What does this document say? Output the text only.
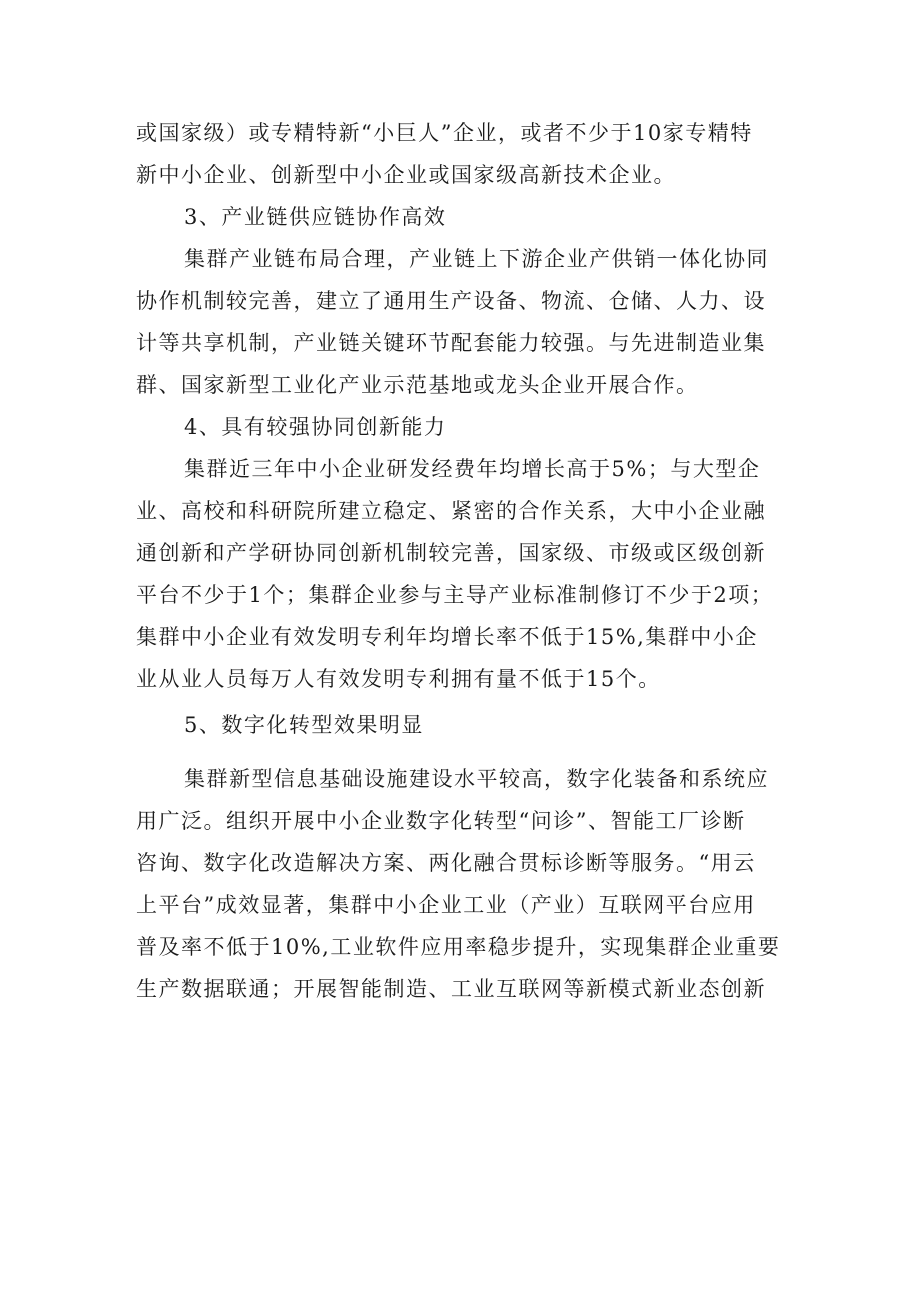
或国家级）或专精特新“小巨人”企业，或者不少于10家专精特
新中小企业、创新型中小企业或国家级高新技术企业。
3、产业链供应链协作高效
集群产业链布局合理，产业链上下游企业产供销一体化协同
协作机制较完善，建立了通用生产设备、物流、仓储、人力、设
计等共享机制，产业链关键环节配套能力较强。与先进制造业集
群、国家新型工业化产业示范基地或龙头企业开展合作。
4、具有较强协同创新能力
集群近三年中小企业研发经费年均增长高于5%；与大型企
业、高校和科研院所建立稳定、紧密的合作关系，大中小企业融
通创新和产学研协同创新机制较完善，国家级、市级或区级创新
平台不少于1个；集群企业参与主导产业标准制修订不少于2项；
集群中小企业有效发明专利年均增长率不低于15%,集群中小企
业从业人员每万人有效发明专利拥有量不低于15个。
5、数字化转型效果明显
集群新型信息基础设施建设水平较高，数字化装备和系统应
用广泛。组织开展中小企业数字化转型“问诊”、智能工厂诊断
咨询、数字化改造解决方案、两化融合贯标诊断等服务。“用云
上平台”成效显著，集群中小企业工业（产业）互联网平台应用
普及率不低于10%,工业软件应用率稳步提升，实现集群企业重要
生产数据联通；开展智能制造、工业互联网等新模式新业态创新
